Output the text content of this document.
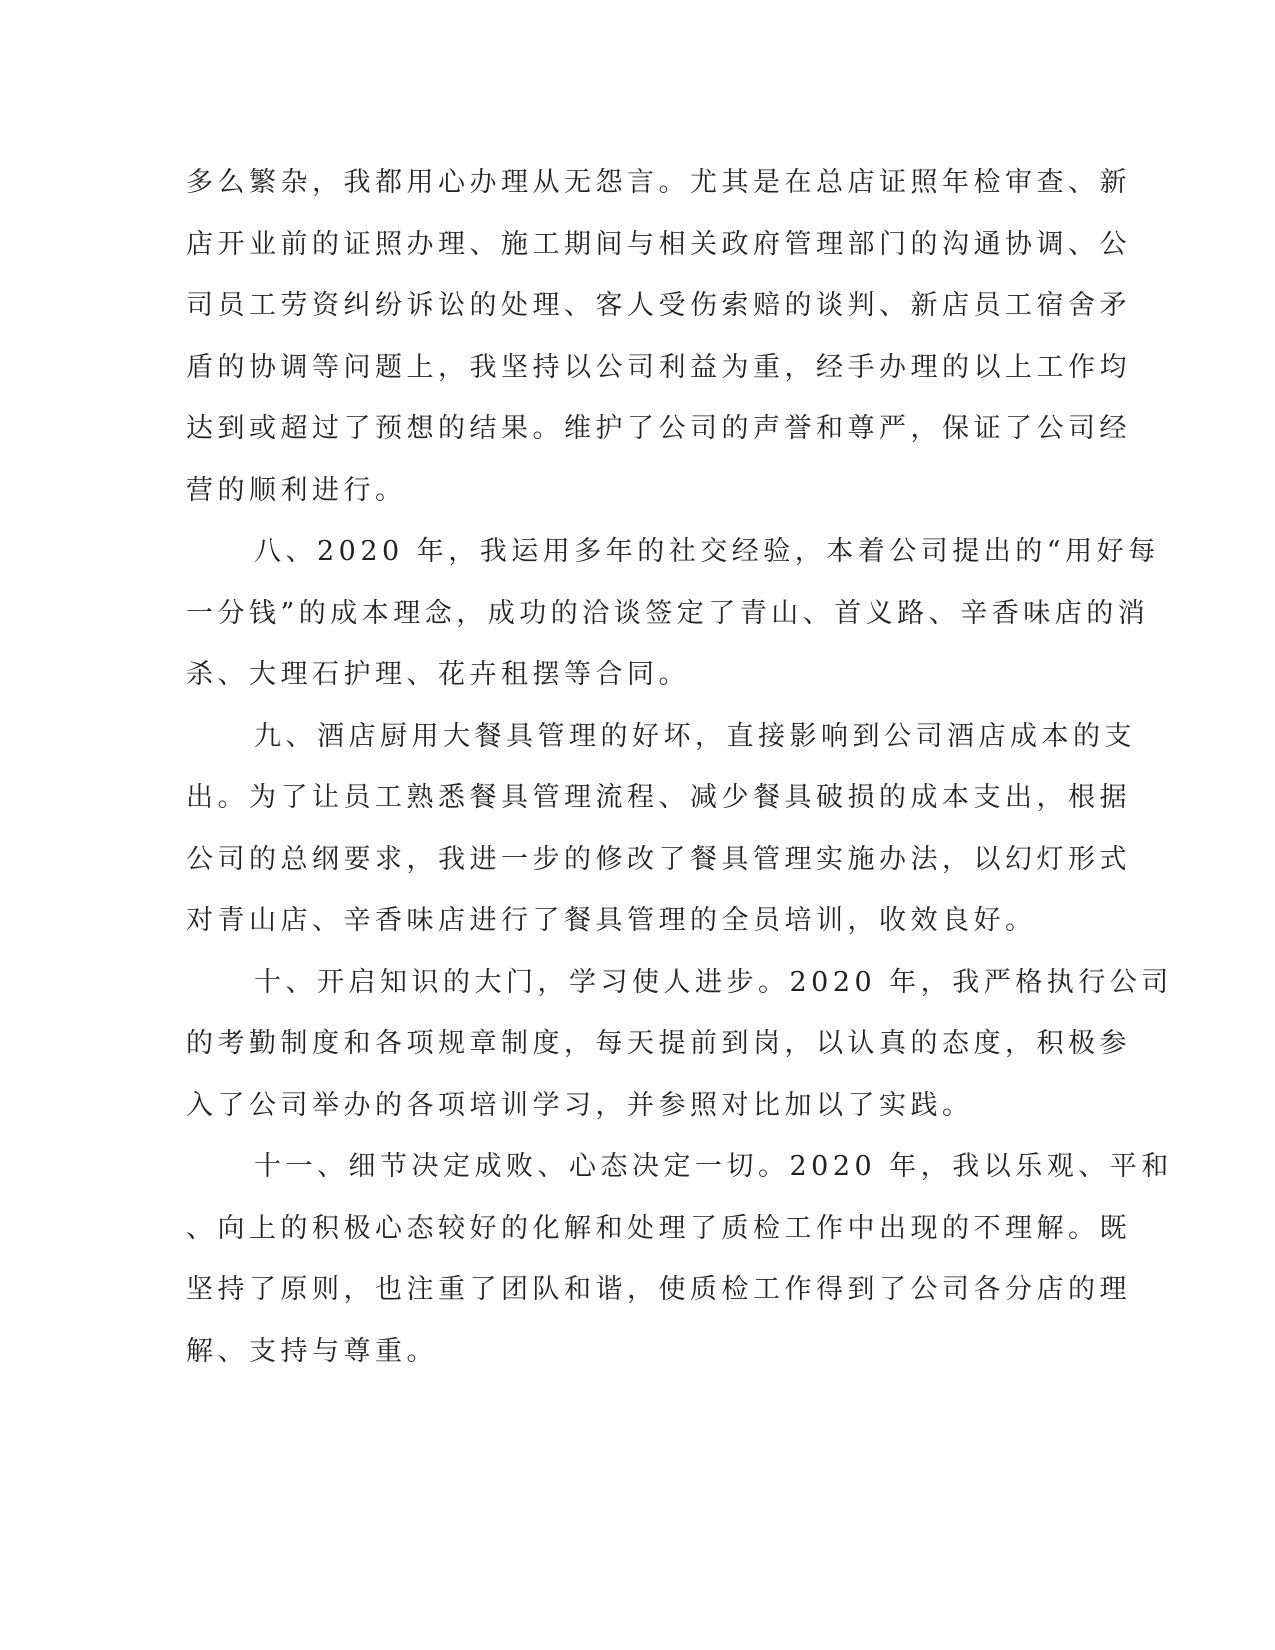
多么繁杂，我都用心办理从无怨言。尤其是在总店证照年检审查、新
店开业前的证照办理、施工期间与相关政府管理部门的沟通协调、公
司员工劳资纠纷诉讼的处理、客人受伤索赔的谈判、新店员工宿舍矛
盾的协调等问题上，我坚持以公司利益为重，经手办理的以上工作均
达到或超过了预想的结果。维护了公司的声誉和尊严，保证了公司经
营的顺利进行。
八、2020 年，我运用多年的社交经验，本着公司提出的“用好每
一分钱”的成本理念，成功的洽谈签定了青山、首义路、辛香味店的消
杀、大理石护理、花卉租摆等合同。
九、酒店厨用大餐具管理的好坏，直接影响到公司酒店成本的支
出。为了让员工熟悉餐具管理流程、减少餐具破损的成本支出，根据
公司的总纲要求，我进一步的修改了餐具管理实施办法，以幻灯形式
对青山店、辛香味店进行了餐具管理的全员培训，收效良好。
十、开启知识的大门，学习使人进步。2020 年，我严格执行公司
的考勤制度和各项规章制度，每天提前到岗，以认真的态度，积极参
入了公司举办的各项培训学习，并参照对比加以了实践。
十一、细节决定成败、心态决定一切。2020 年，我以乐观、平和
、向上的积极心态较好的化解和处理了质检工作中出现的不理解。既
坚持了原则，也注重了团队和谐，使质检工作得到了公司各分店的理
解、支持与尊重。
